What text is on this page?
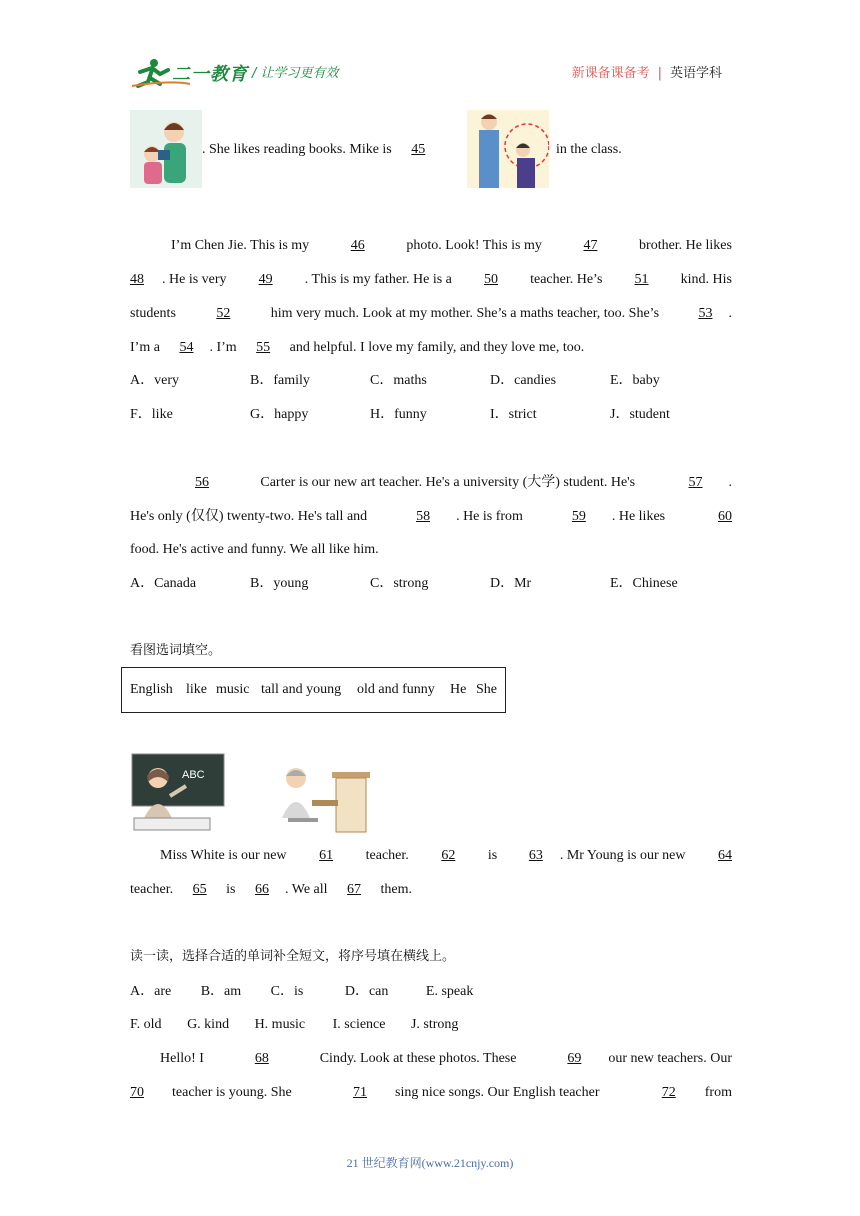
二一教育 / 让学习更有效	新课备课备考 | 英语学科
. She likes reading books. Mike is 45	in the class.
I’m Chen Jie. This is my	46	photo. Look! This is my	47	brother. He likes
48 . He is very	49	. This is my father. He is a	50	teacher. He’s	51	kind. His
students	52	him very much. Look at my mother. She’s a maths teacher, too. She’s	53 .
I’m a 54 . I’m 55 and helpful. I love my family, and they love me, too.
A．very	B．family	C．maths	D．candies	E．baby
F．like	G．happy	H．funny	I．strict	J．student
56	Carter is our new art teacher. He's a university (大学) student. He's	57 .
He's only (仅仅) twenty-two. He's tall and	58 . He is from	59 . He likes	60
food. He's active and funny. We all like him.
A．Canada	B．young	C．strong	D．Mr	E．Chinese
看图选词填空。
English like music tall and young old and funny He She
ABC
Miss White is our new	61	teacher.	62	is	63 . Mr Young is our new	64
teacher. 65 is 66 . We all 67 them.
读一读，选择合适的单词补全短文，将序号填在横线上。
A．are B．am C．is	D．can	E. speak
F. old G. kind H. music I. science J. strong
Hello! I	68	Cindy. Look at these photos. These	69 our new teachers. Our
70 teacher is young. She	71 sing nice songs. Our English teacher	72 from
21 世纪教育网(www.21cnjy.com)
